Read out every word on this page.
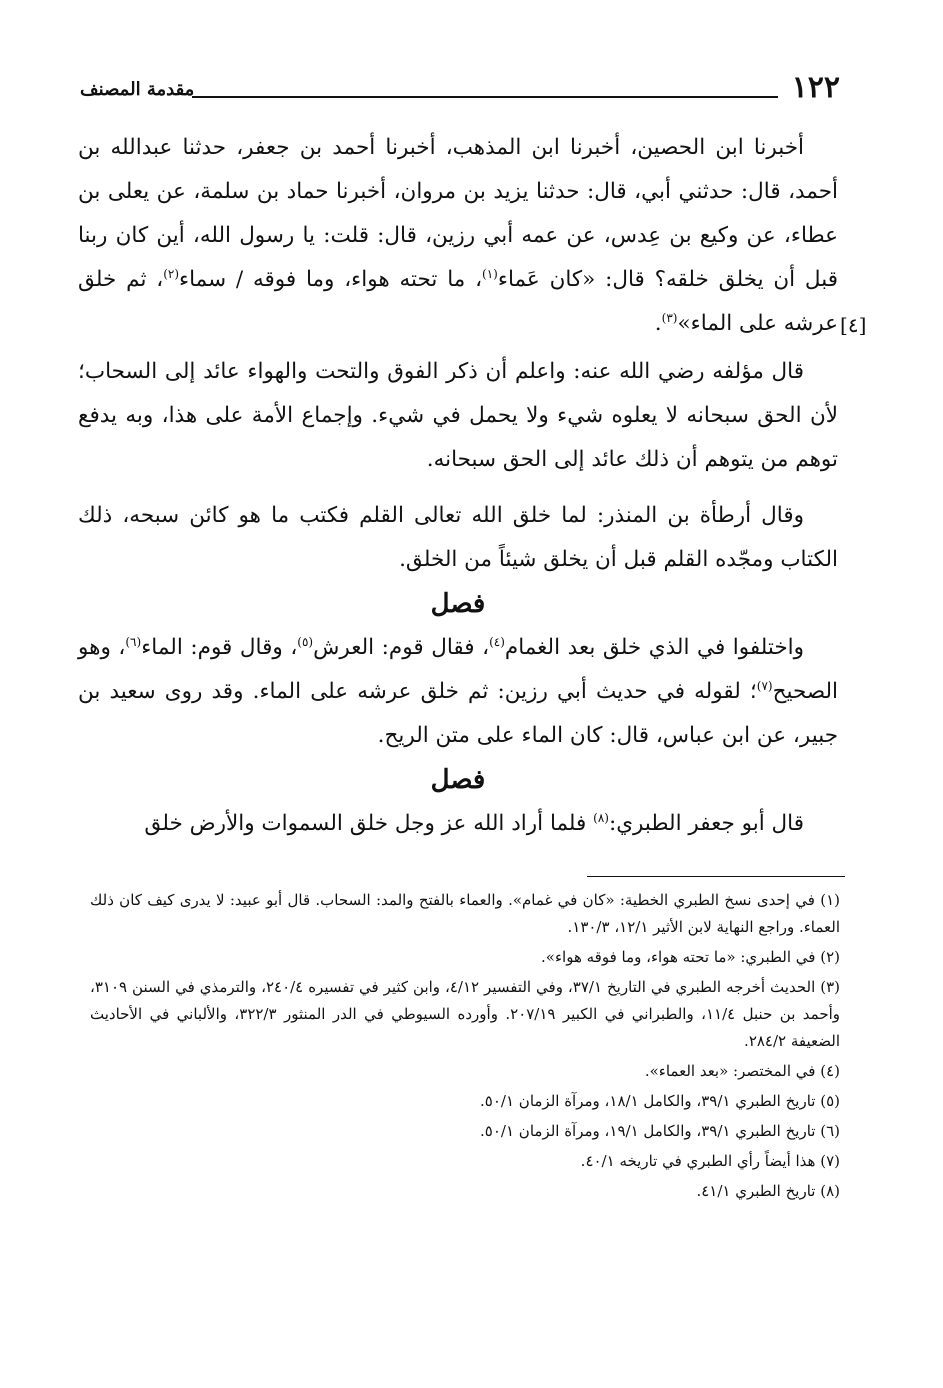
١٢٢
مقدمة المصنف
[٤]

أخبرنا ابن الحصين، أخبرنا ابن المذهب، أخبرنا أحمد بن جعفر، حدثنا عبدالله بن أحمد، قال: حدثني أبي، قال: حدثنا يزيد بن مروان، أخبرنا حماد بن سلمة، عن يعلى بن عطاء، عن وكيع بن عِدس، عن عمه أبي رزين، قال: قلت: يا رسول الله، أين كان ربنا قبل أن يخلق خلقه؟ قال: «كان عَماء$^{(١)}$، ما تحته هواء، وما فوقه / سماء$^{(٢)}$، ثم خلق عرشه على الماء»$^{(٣)}$.

قال مؤلفه رضي الله عنه: واعلم أن ذكر الفوق والتحت والهواء عائد إلى السحاب؛ لأن الحق سبحانه لا يعلوه شيء ولا يحمل في شيء. وإجماع الأمة على هذا، وبه يدفع توهم من يتوهم أن ذلك عائد إلى الحق سبحانه.

وقال أرطأة بن المنذر: لما خلق الله تعالى القلم فكتب ما هو كائن سبحه، ذلك الكتاب ومجّده القلم قبل أن يخلق شيئاً من الخلق.

فصل

واختلفوا في الذي خلق بعد الغمام$^{(٤)}$، فقال قوم: العرش$^{(٥)}$، وقال قوم: الماء$^{(٦)}$، وهو الصحيح$^{(٧)}$؛ لقوله في حديث أبي رزين: ثم خلق عرشه على الماء. وقد روى سعيد بن جبير، عن ابن عباس، قال: كان الماء على متن الريح.

فصل

قال أبو جعفر الطبري:$^{(٨)}$ فلما أراد الله عز وجل خلق السموات والأرض خلق

(١) في إحدى نسخ الطبري الخطية: «كان في غمام». والعماء بالفتح والمد: السحاب. قال أبو عبيد: لا يدرى كيف كان ذلك العماء. وراجع النهاية لابن الأثير ١٢/١، ١٣٠/٣.

(٢) في الطبري: «ما تحته هواء، وما فوقه هواء».

(٣) الحديث أخرجه الطبري في التاريخ ٣٧/١، وفي التفسير ٤/١٢، وابن كثير في تفسيره ٢٤٠/٤، والترمذي في السنن ٣١٠٩، وأحمد بن حنبل ١١/٤، والطبراني في الكبير ٢٠٧/١٩. وأورده السيوطي في الدر المنثور ٣٢٢/٣، والألباني في الأحاديث الضعيفة ٢٨٤/٢.

(٤) في المختصر: «بعد العماء».

(٥) تاريخ الطبري ٣٩/١، والكامل ١٨/١، ومرآة الزمان ٥٠/١.

(٦) تاريخ الطبري ٣٩/١، والكامل ١٩/١، ومرآة الزمان ٥٠/١.

(٧) هذا أيضاً رأي الطبري في تاريخه ٤٠/١.

(٨) تاريخ الطبري ٤١/١.
